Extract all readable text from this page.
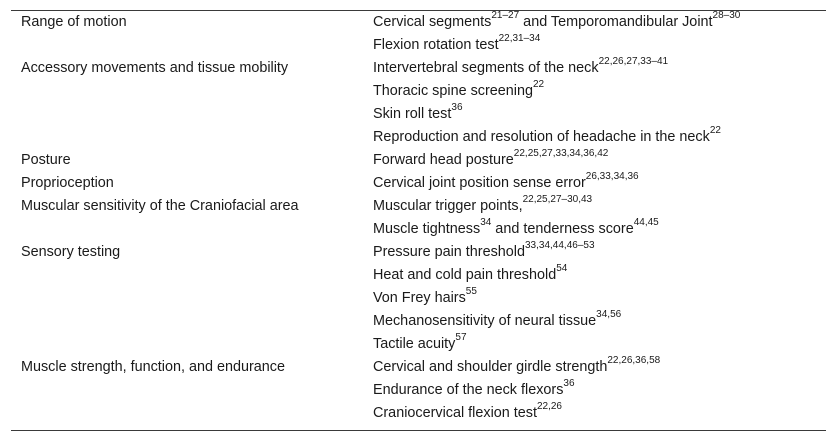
Range of motion	Cervical segments$^{21-27}$ and Temporomandibular Joint$^{28-30}$
Flexion rotation test$^{22,31-34}$
Accessory movements and tissue mobility	Intervertebral segments of the neck$^{22,26,27,33-41}$
Thoracic spine screening$^{22}$
Skin roll test$^{36}$
Reproduction and resolution of headache in the neck$^{22}$
Posture	Forward head posture$^{22,25,27,33,34,36,42}$
Proprioception	Cervical joint position sense error$^{26,33,34,36}$
Muscular sensitivity of the Craniofacial area	Muscular trigger points,$^{22,25,27-30,43}$
Muscle tightness$^{34}$ and tenderness score$^{44,45}$
Sensory testing	Pressure pain threshold$^{33,34,44,46-53}$
Heat and cold pain threshold$^{54}$
Von Frey hairs$^{55}$
Mechanosensitivity of neural tissue$^{34,56}$
Tactile acuity$^{57}$
Muscle strength, function, and endurance	Cervical and shoulder girdle strength$^{22,26,36,58}$
Endurance of the neck flexors$^{36}$
Craniocervical flexion test$^{22,26}$
